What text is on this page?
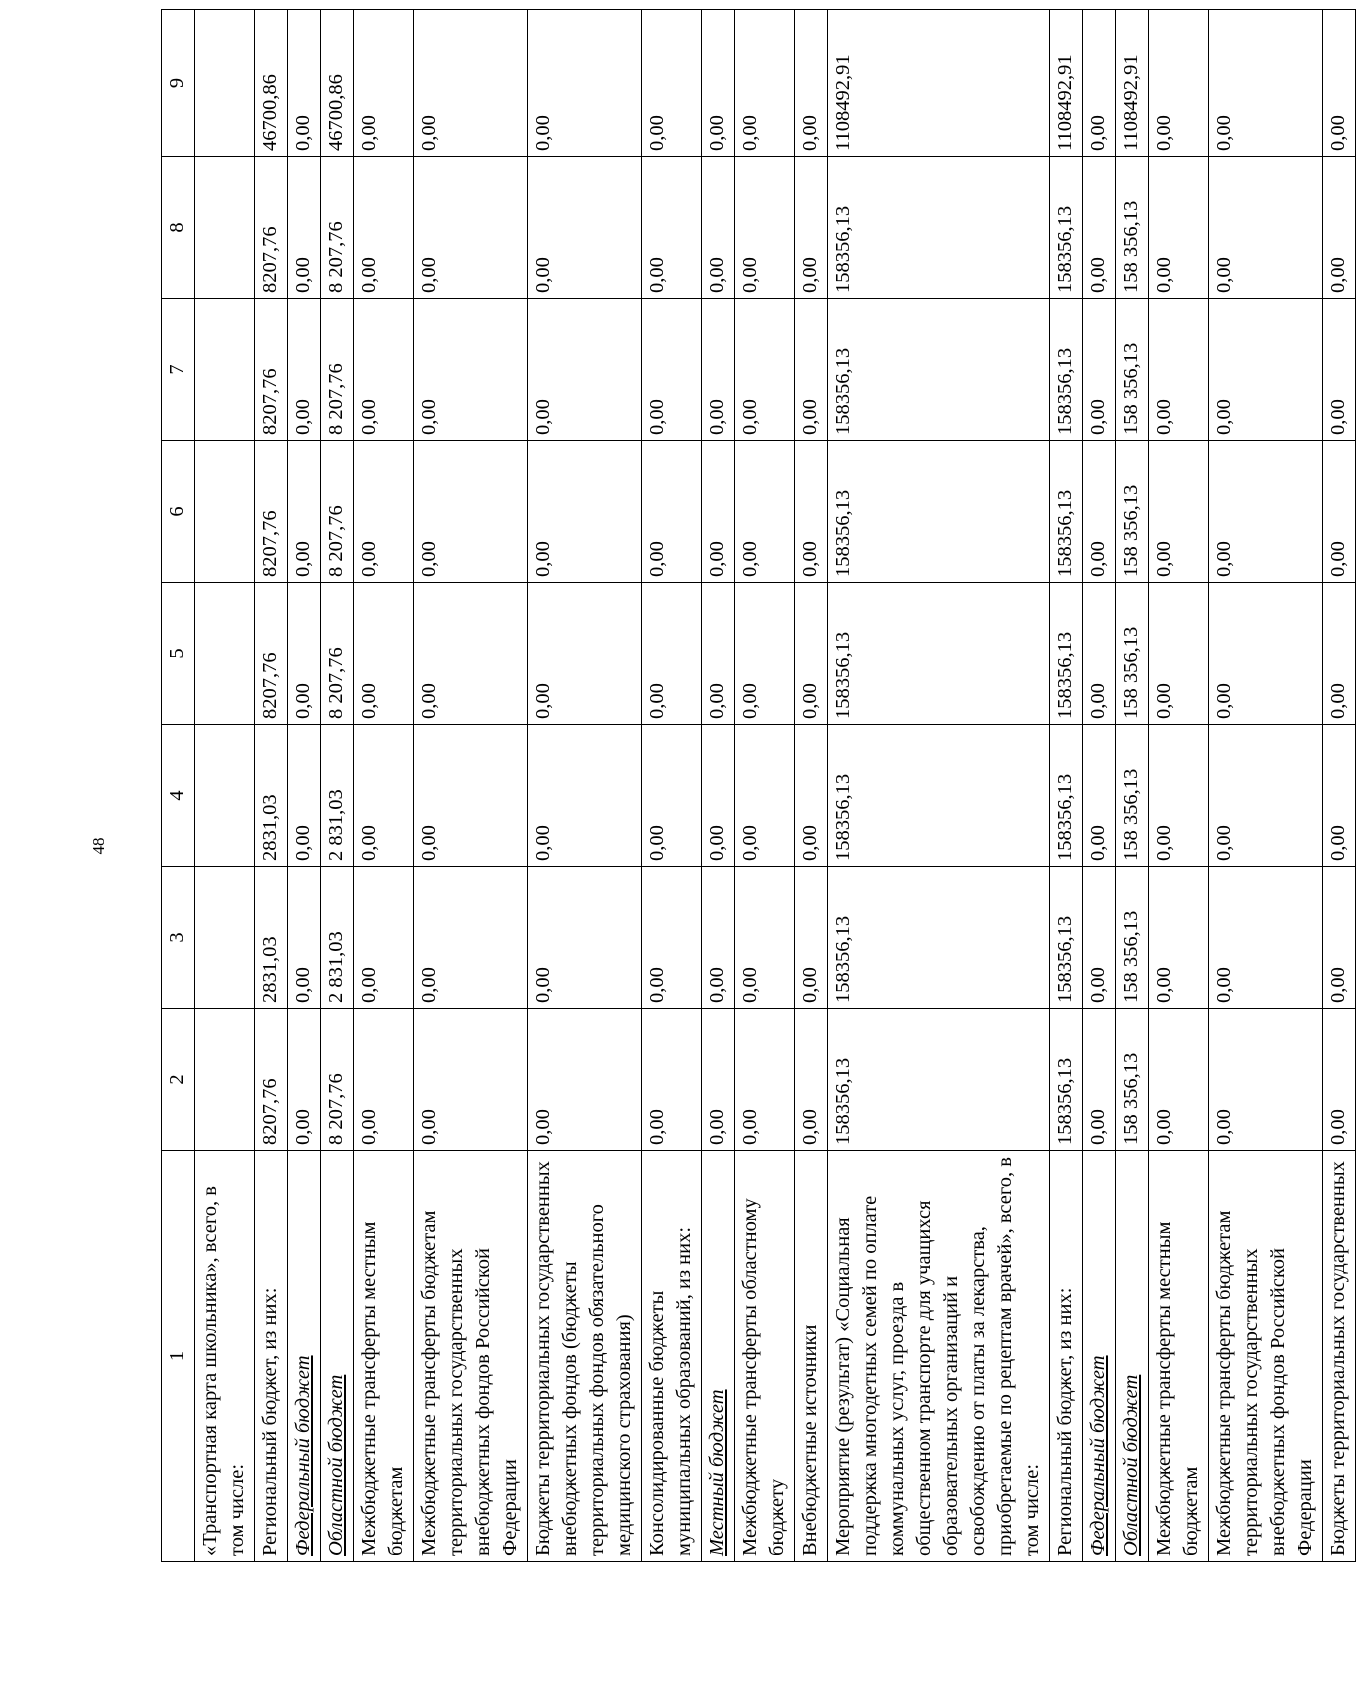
48
1	2	3	4	5	6	7	8	9
«Транспортная карта школьника», всего, в том числе:								
Региональный бюджет, из них:	8207,76	2831,03	2831,03	8207,76	8207,76	8207,76	8207,76	46700,86
Федеральный бюджет	0,00	0,00	0,00	0,00	0,00	0,00	0,00	0,00
Областной бюджет	8 207,76	2 831,03	2 831,03	8 207,76	8 207,76	8 207,76	8 207,76	46700,86
Межбюджетные трансферты местным бюджетам	0,00	0,00	0,00	0,00	0,00	0,00	0,00	0,00
Межбюджетные трансферты бюджетам территориальных государственных внебюджетных фондов Российской Федерации	0,00	0,00	0,00	0,00	0,00	0,00	0,00	0,00
Бюджеты территориальных государственных внебюджетных фондов (бюджеты территориальных фондов обязательного медицинского страхования)	0,00	0,00	0,00	0,00	0,00	0,00	0,00	0,00
Консолидированные бюджеты муниципальных образований, из них:	0,00	0,00	0,00	0,00	0,00	0,00	0,00	0,00
Местный бюджет	0,00	0,00	0,00	0,00	0,00	0,00	0,00	0,00
Межбюджетные трансферты областному бюджету	0,00	0,00	0,00	0,00	0,00	0,00	0,00	0,00
Внебюджетные источники	0,00	0,00	0,00	0,00	0,00	0,00	0,00	0,00
Мероприятие (результат) «Социальная поддержка многодетных семей по оплате коммунальных услуг, проезда в общественном транспорте для учащихся образовательных организаций и освобождению от платы за лекарства, приобретаемые по рецептам врачей», всего, в том числе:	158356,13	158356,13	158356,13	158356,13	158356,13	158356,13	158356,13	1108492,91
Региональный бюджет, из них:	158356,13	158356,13	158356,13	158356,13	158356,13	158356,13	158356,13	1108492,91
Федеральный бюджет	0,00	0,00	0,00	0,00	0,00	0,00	0,00	0,00
Областной бюджет	158 356,13	158 356,13	158 356,13	158 356,13	158 356,13	158 356,13	158 356,13	1108492,91
Межбюджетные трансферты местным бюджетам	0,00	0,00	0,00	0,00	0,00	0,00	0,00	0,00
Межбюджетные трансферты бюджетам территориальных государственных внебюджетных фондов Российской Федерации	0,00	0,00	0,00	0,00	0,00	0,00	0,00	0,00
Бюджеты территориальных государственных	0,00	0,00	0,00	0,00	0,00	0,00	0,00	0,00
